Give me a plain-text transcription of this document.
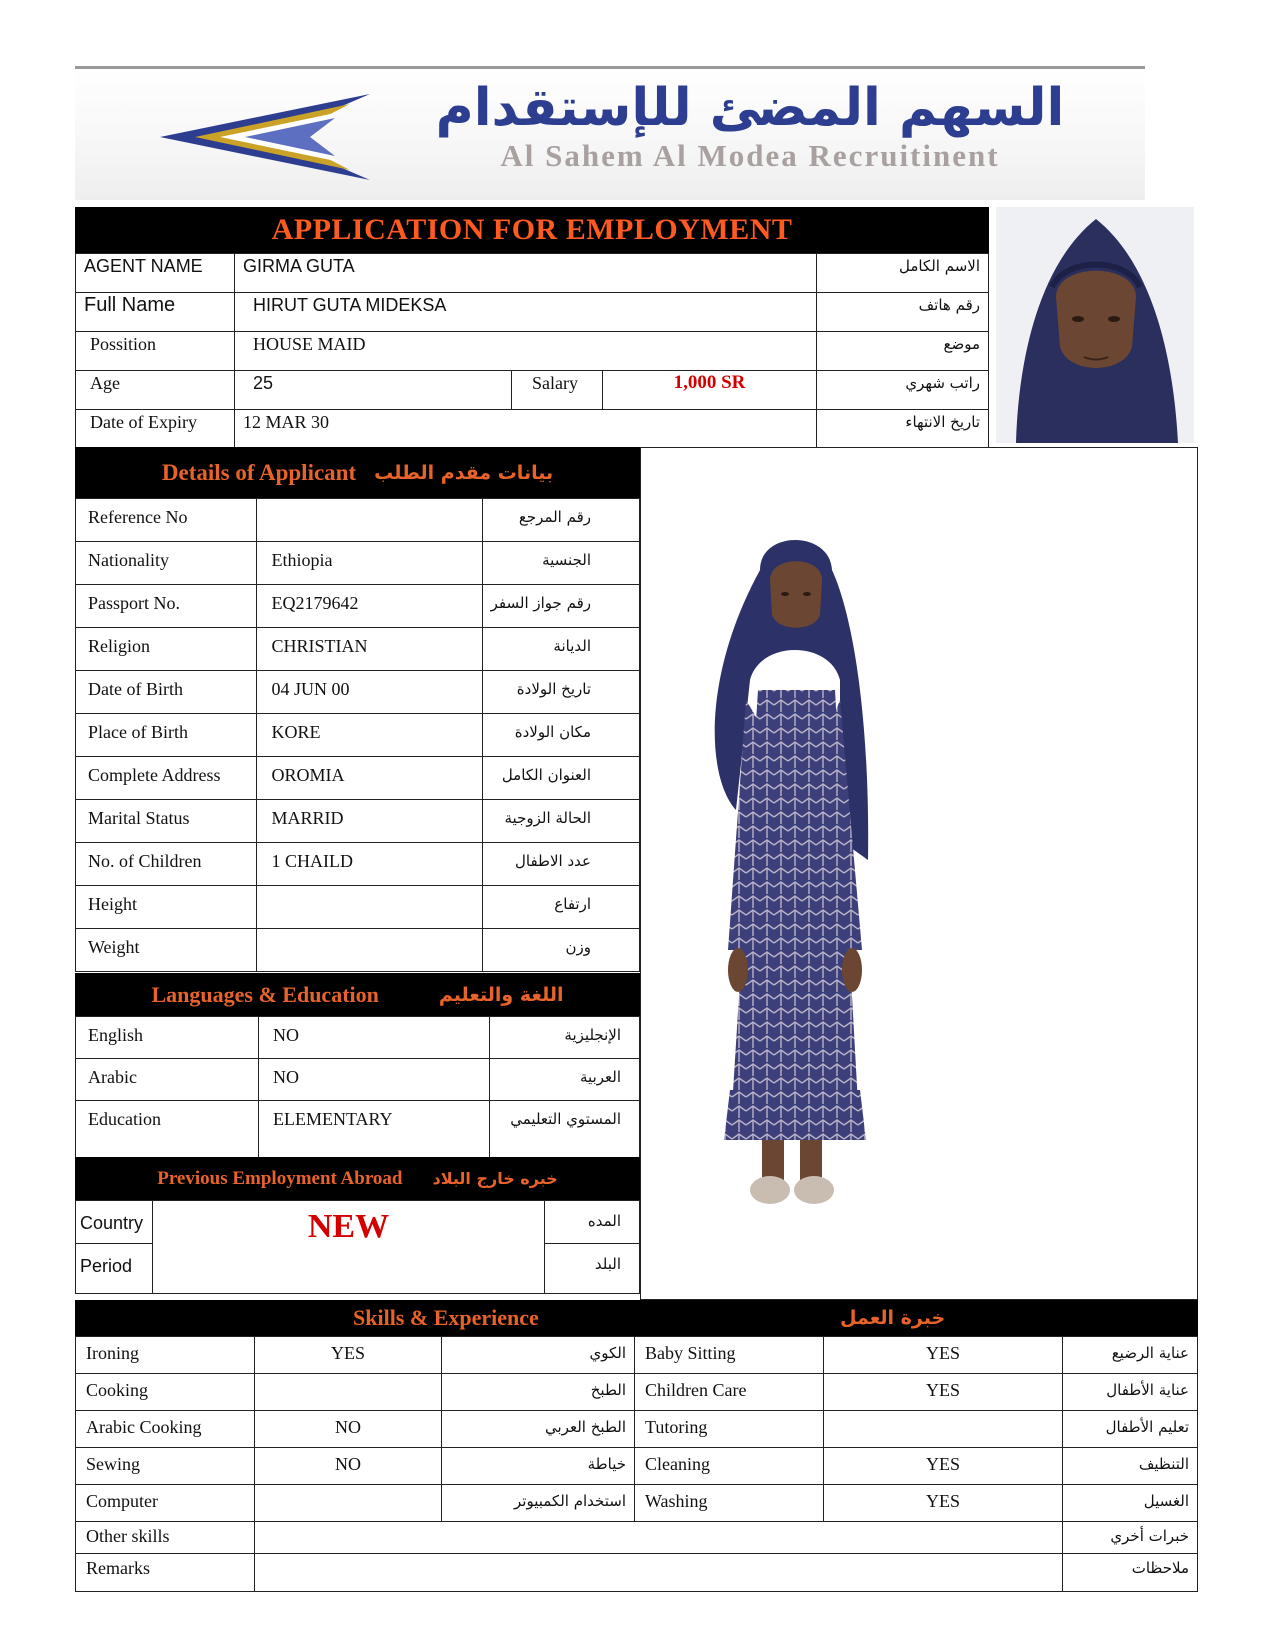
السهم المضئ للإستقدام
Al Sahem Al Modea Recruitinent
APPLICATION FOR EMPLOYMENT
AGENT NAME	GIRMA GUTA			الاسم الكامل
Full Name	HIRUT GUTA MIDEKSA			رقم هاتف
Possition	HOUSE MAID			موضع
Age	25	Salary	1,000 SR	راتب شهري
Date of Expiry	12 MAR 30			تاريخ الانتهاء
Details of Applicant بيانات مقدم الطلب
Reference No		رقم المرجع
Nationality	Ethiopia	الجنسية
Passport No.	EQ2179642	رقم جواز السفر
Religion	CHRISTIAN	الديانة
Date of Birth	04 JUN 00	تاريخ الولادة
Place of Birth	KORE	مكان الولادة
Complete Address	OROMIA	العنوان الكامل
Marital Status	MARRID	الحالة الزوجية
No. of Children	1 CHAILD	عدد الاطفال
Height		ارتفاع
Weight		وزن
Languages & Education	اللغة والتعليم
English	NO	الإنجليزية
Arabic	NO	العربية
Education	ELEMENTARY	المستوي التعليمي
Previous Employment Abroad خبره خارج البلاد
Country	NEW	المده
Period		البلد
Skills & Experience	خبرة العمل
Ironing	YES	الكوي	Baby Sitting	YES	عناية الرضيع
Cooking		الطبخ	Children Care	YES	عناية الأطفال
Arabic Cooking	NO	الطبخ العربي	Tutoring		تعليم الأطفال
Sewing	NO	خياطة	Cleaning	YES	التنظيف
Computer		استخدام الكمبيوتر	Washing	YES	الغسيل
Other skills					خبرات أخري
Remarks					ملاحظات
